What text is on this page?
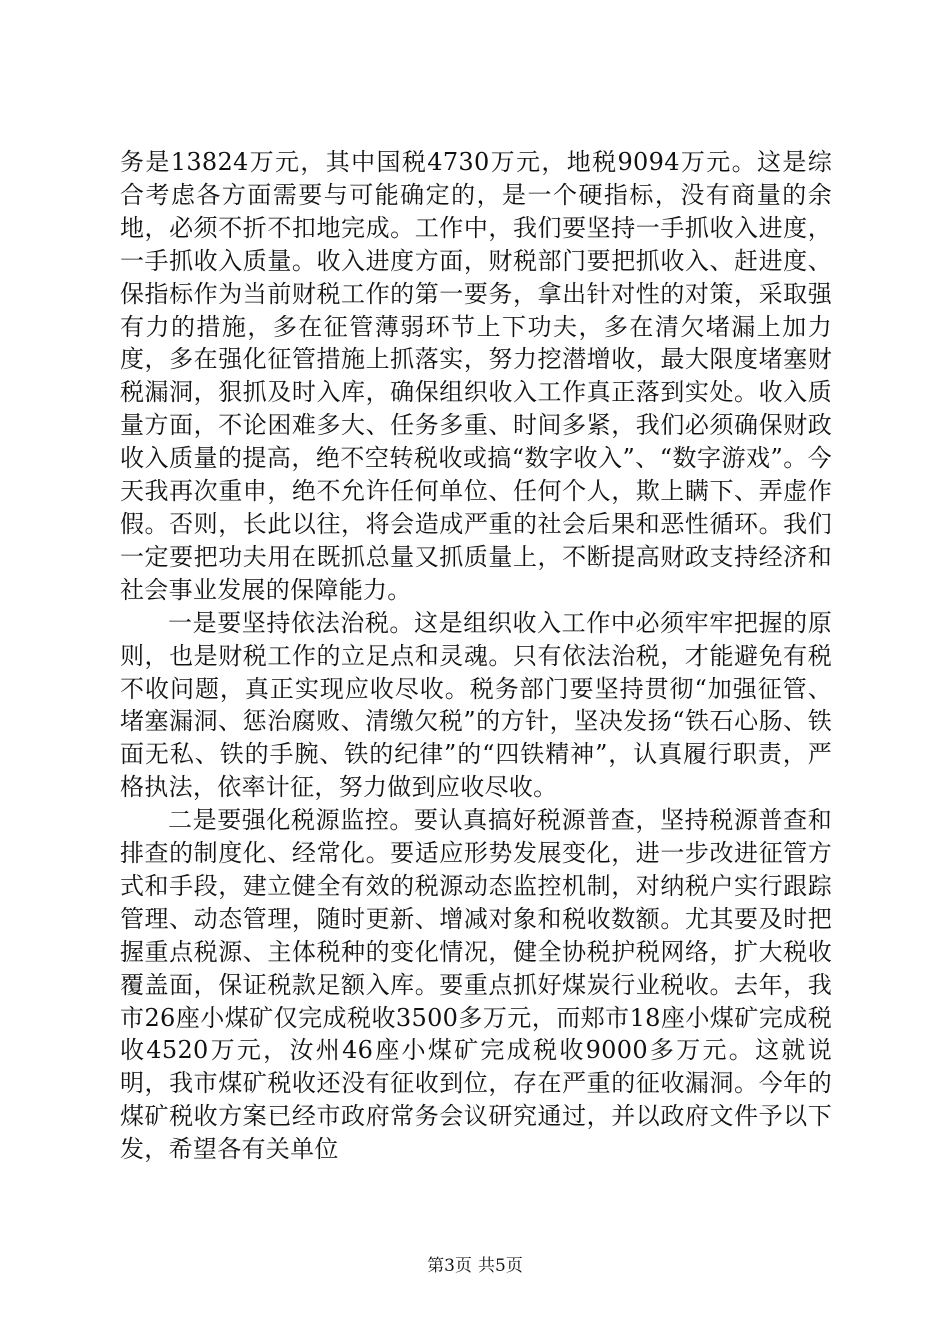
务是13824万元，其中国税4730万元，地税9094万元。这是综合考虑各方面需要与可能确定的，是一个硬指标，没有商量的余地，必须不折不扣地完成。工作中，我们要坚持一手抓收入进度，一手抓收入质量。收入进度方面，财税部门要把抓收入、赶进度、保指标作为当前财税工作的第一要务，拿出针对性的对策，采取强有力的措施，多在征管薄弱环节上下功夫，多在清欠堵漏上加力度，多在强化征管措施上抓落实，努力挖潜增收，最大限度堵塞财税漏洞，狠抓及时入库，确保组织收入工作真正落到实处。收入质量方面，不论困难多大、任务多重、时间多紧，我们必须确保财政收入质量的提高，绝不空转税收或搞“数字收入”、“数字游戏”。今天我再次重申，绝不允许任何单位、任何个人，欺上瞒下、弄虚作假。否则，长此以往，将会造成严重的社会后果和恶性循环。我们一定要把功夫用在既抓总量又抓质量上，不断提高财政支持经济和社会事业发展的保障能力。

一是要坚持依法治税。这是组织收入工作中必须牢牢把握的原则，也是财税工作的立足点和灵魂。只有依法治税，才能避免有税不收问题，真正实现应收尽收。税务部门要坚持贯彻“加强征管、堵塞漏洞、惩治腐败、清缴欠税”的方针，坚决发扬“铁石心肠、铁面无私、铁的手腕、铁的纪律”的“四铁精神”，认真履行职责，严格执法，依率计征，努力做到应收尽收。

二是要强化税源监控。要认真搞好税源普查，坚持税源普查和排查的制度化、经常化。要适应形势发展变化，进一步改进征管方式和手段，建立健全有效的税源动态监控机制，对纳税户实行跟踪管理、动态管理，随时更新、增减对象和税收数额。尤其要及时把握重点税源、主体税种的变化情况，健全协税护税网络，扩大税收覆盖面，保证税款足额入库。要重点抓好煤炭行业税收。去年，我市26座小煤矿仅完成税收3500多万元，而郏市18座小煤矿完成税收4520万元，汝州46座小煤矿完成税收9000多万元。这就说明，我市煤矿税收还没有征收到位，存在严重的征收漏洞。今年的煤矿税收方案已经市政府常务会议研究通过，并以政府文件予以下发，希望各有关单位

第3页 共5页
